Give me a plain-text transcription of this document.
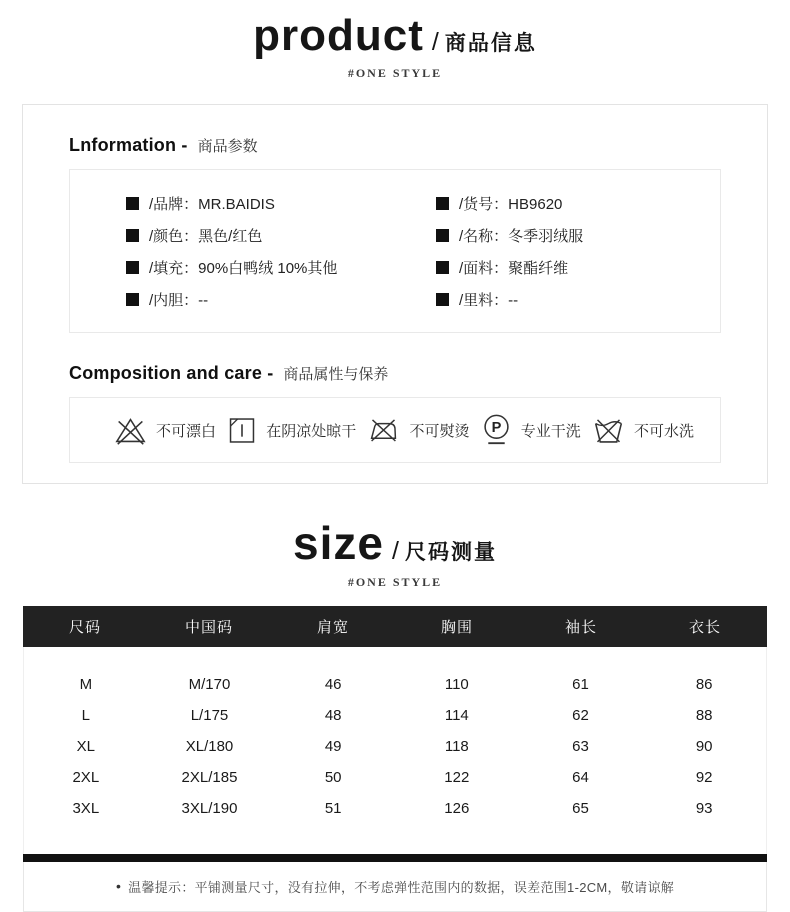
product / 商品信息
#ONE STYLE
Lnformation - 商品参数
/品牌：MR.BAIDIS
/颜色：黑色/红色
/填充：90%白鸭绒 10%其他
/内胆：--
/货号：HB9620
/名称：冬季羽绒服
/面料：聚酯纤维
/里料：--
Composition and care - 商品属性与保养
不可漂白	在阴凉处晾干	不可熨烫 P 专业干洗	不可水洗
size / 尺码测量
#ONE STYLE
尺码	中国码	肩宽	胸围	袖长	衣长
M	M/170	46	110	61	86
L	L/175	48	114	62	88
XL	XL/180	49	118	63	90
2XL	2XL/185	50	122	64	92
3XL	3XL/190	51	126	65	93
• 温馨提示：平铺测量尺寸，没有拉伸，不考虑弹性范围内的数据，误差范围1-2CM，敬请谅解
